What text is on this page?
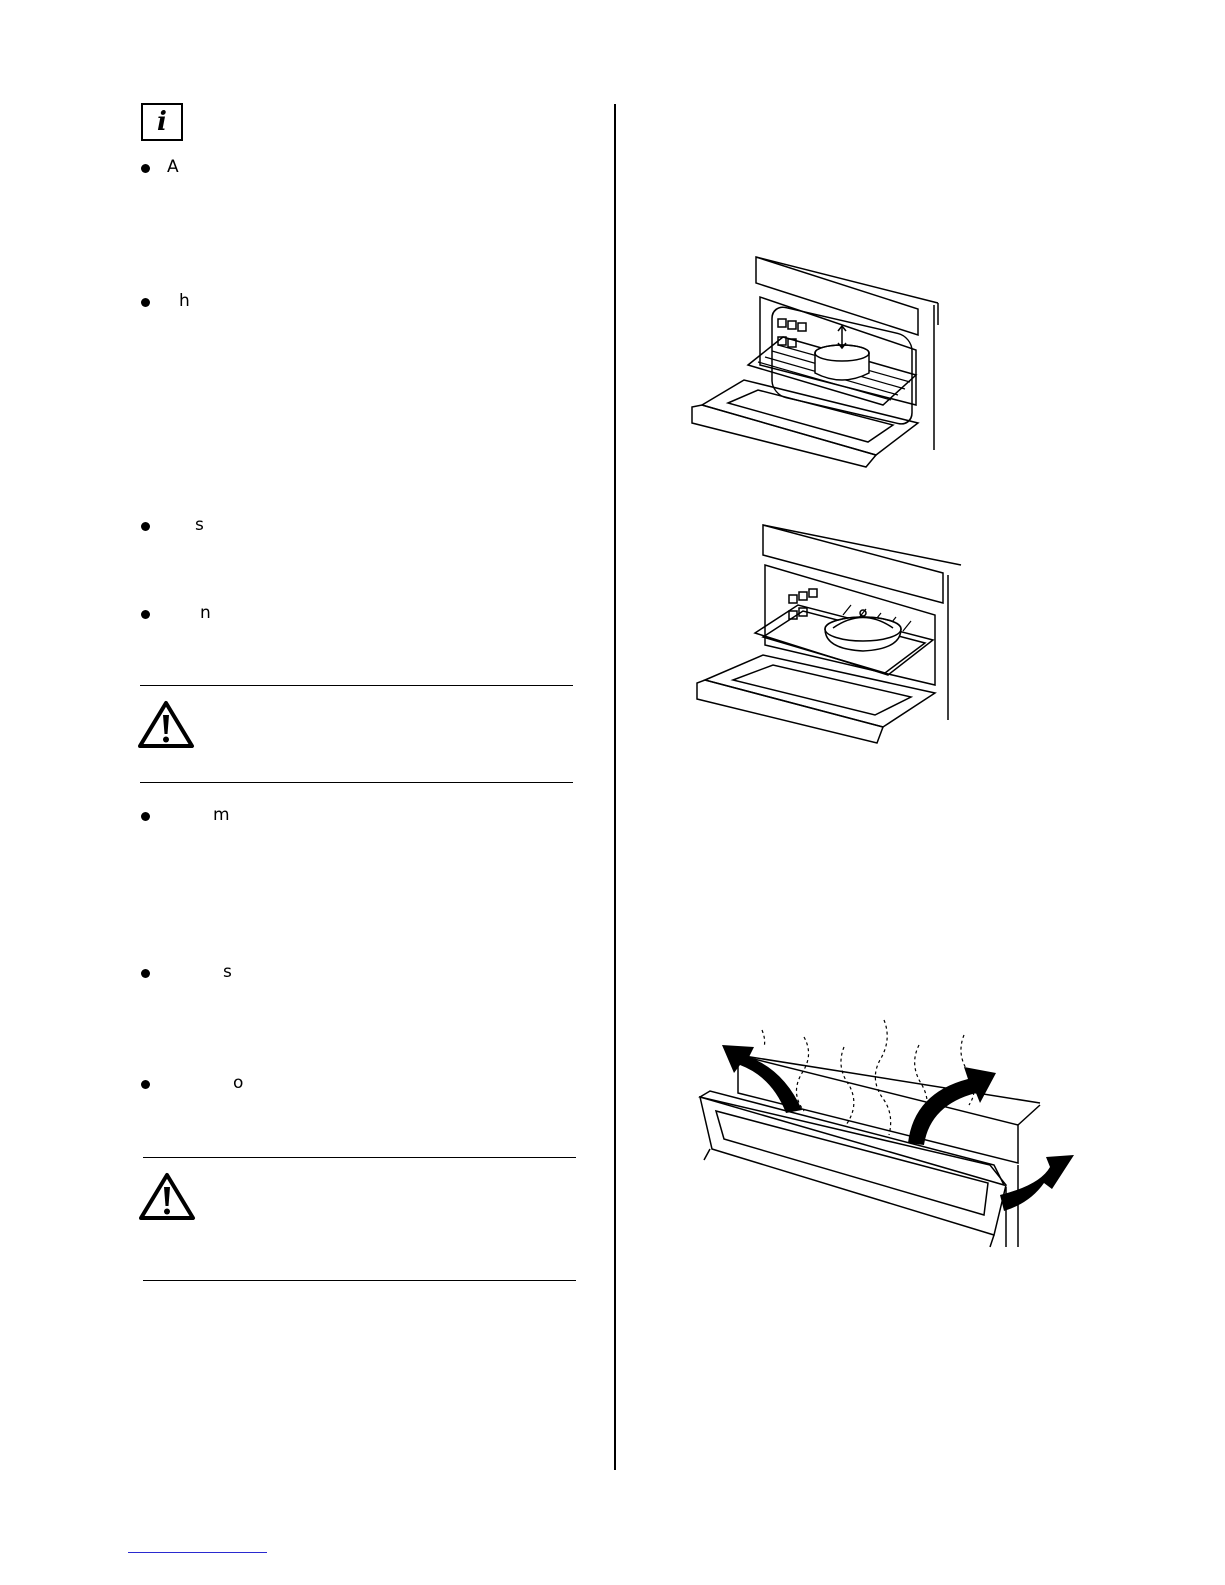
i
A
h
s
n
m
s
o
